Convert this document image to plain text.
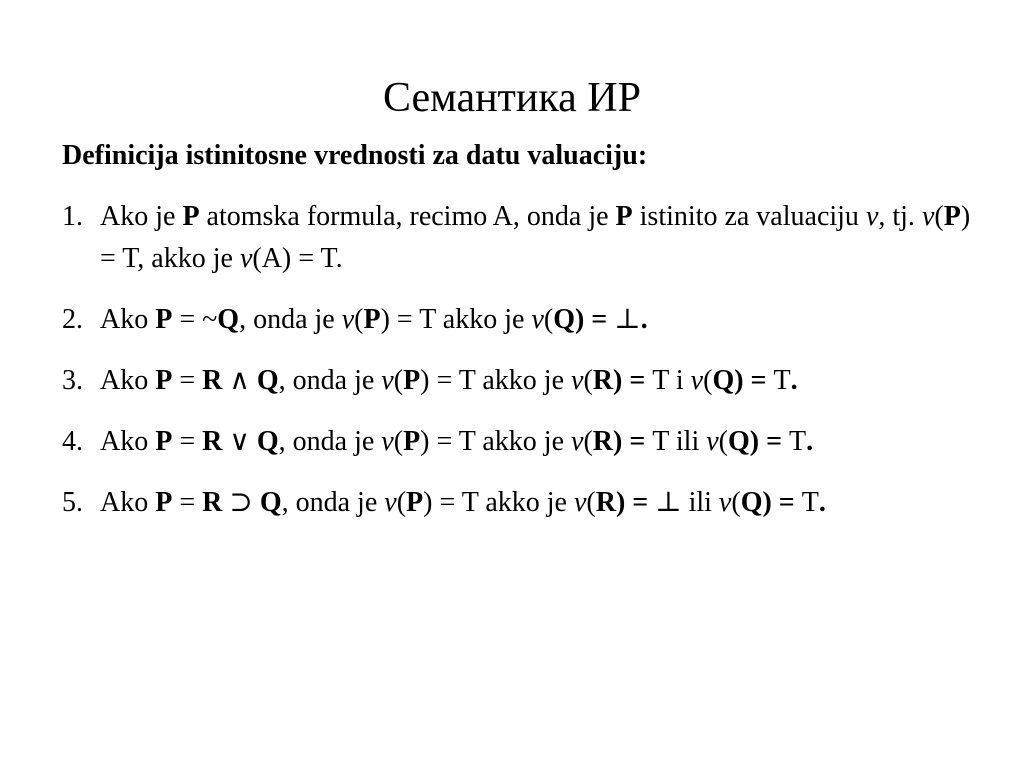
Семантика ИР
Definicija istinitosne vrednosti za datu valuaciju:
1. Ako je P atomska formula, recimo A, onda je P istinito za valuaciju v, tj. v(P) = T, akko je v(A) = T.
2. Ako P = ~Q, onda je v(P) = T akko je v(Q) = ⊥.
3. Ako P = R ∧ Q, onda je v(P) = T akko je v(R) = T i v(Q) = T.
4. Ako P = R ∨ Q, onda je v(P) = T akko je v(R) = T ili v(Q) = T.
5. Ako P = R ⊃ Q, onda je v(P) = T akko je v(R) = ⊥ ili v(Q) = T.
